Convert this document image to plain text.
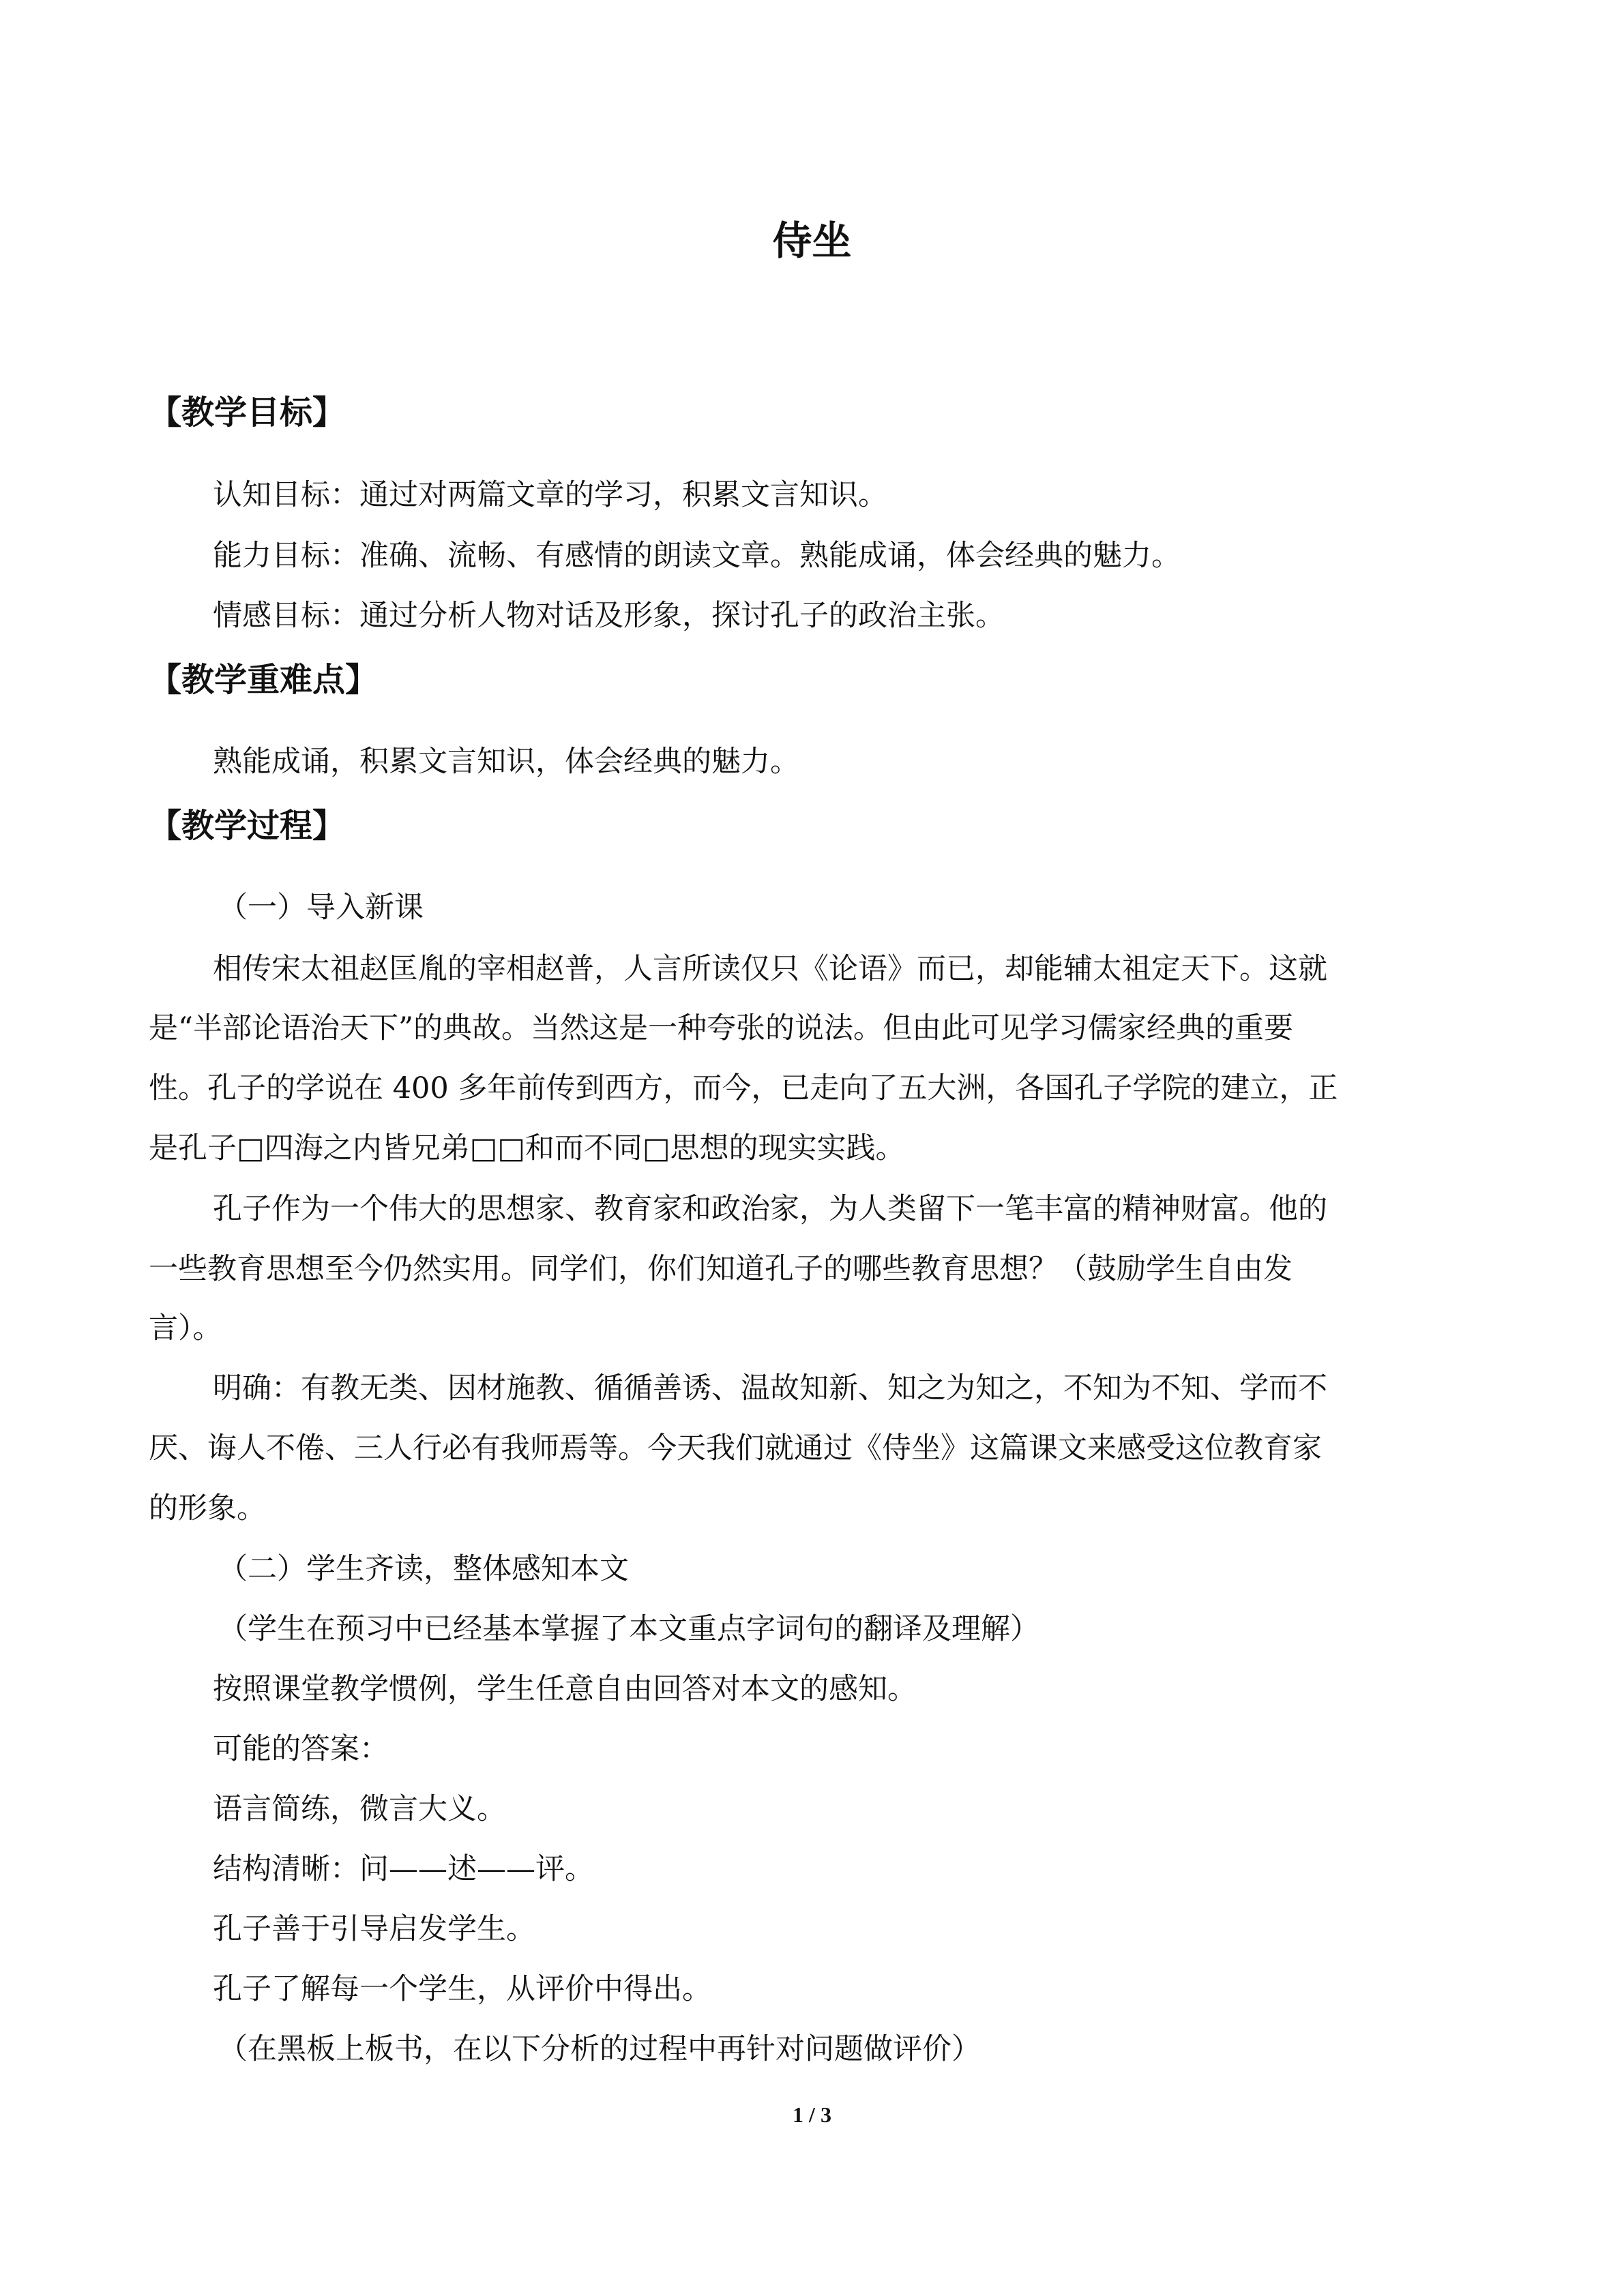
侍坐
【教学目标】
认知目标：通过对两篇文章的学习，积累文言知识。
能力目标：准确、流畅、有感情的朗读文章。熟能成诵，体会经典的魅力。
情感目标：通过分析人物对话及形象，探讨孔子的政治主张。
【教学重难点】
熟能成诵，积累文言知识，体会经典的魅力。
【教学过程】
（一）导入新课
相传宋太祖赵匡胤的宰相赵普，人言所读仅只《论语》而已，却能辅太祖定天下。这就
是“半部论语治天下”的典故。当然这是一种夸张的说法。但由此可见学习儒家经典的重要
性。孔子的学说在 400 多年前传到西方，而今，已走向了五大洲，各国孔子学院的建立，正
是孔子□四海之内皆兄弟□□和而不同□思想的现实实践。
孔子作为一个伟大的思想家、教育家和政治家，为人类留下一笔丰富的精神财富。他的
一些教育思想至今仍然实用。同学们，你们知道孔子的哪些教育思想？（鼓励学生自由发
言）。
明确：有教无类、因材施教、循循善诱、温故知新、知之为知之，不知为不知、学而不
厌、诲人不倦、三人行必有我师焉等。今天我们就通过《侍坐》这篇课文来感受这位教育家
的形象。
（二）学生齐读，整体感知本文
（学生在预习中已经基本掌握了本文重点字词句的翻译及理解）
按照课堂教学惯例，学生任意自由回答对本文的感知。
可能的答案：
语言简练，微言大义。
结构清晰：问——述——评。
孔子善于引导启发学生。
孔子了解每一个学生，从评价中得出。
（在黑板上板书，在以下分析的过程中再针对问题做评价）
1 / 3
